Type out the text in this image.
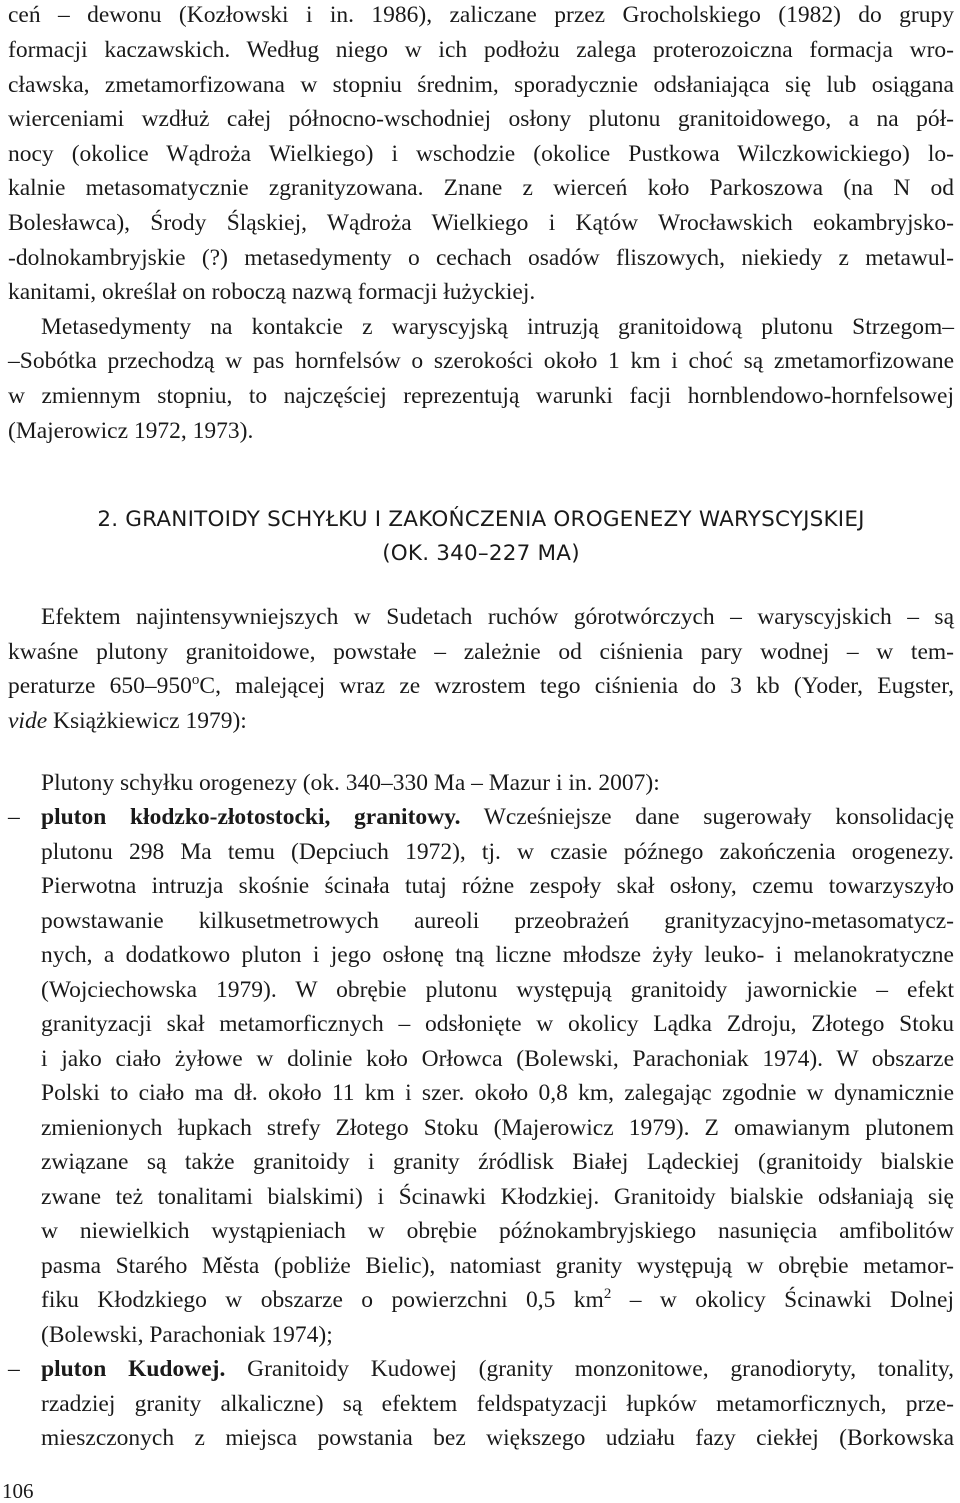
ceń – dewonu (Kozłowski i in. 1986), zaliczane przez Grocholskiego (1982) do grupy
formacji kaczawskich. Według niego w ich podłożu zalega proterozoiczna formacja wro-
cławska, zmetamorfizowana w stopniu średnim, sporadycznie odsłaniająca się lub osiągana
wierceniami wzdłuż całej północno-wschodniej osłony plutonu granitoidowego, a na pół-
nocy (okolice Wądroża Wielkiego) i wschodzie (okolice Pustkowa Wilczkowickiego) lo-
kalnie metasomatycznie zgranityzowana. Znane z wierceń koło Parkoszowa (na N od
Bolesławca), Środy Śląskiej, Wądroża Wielkiego i Kątów Wrocławskich eokambryjsko-
-dolnokambryjskie (?) metasedymenty o cechach osadów fliszowych, niekiedy z metawul-
kanitami, określał on roboczą nazwą formacji łużyckiej.
Metasedymenty na kontakcie z waryscyjską intruzją granitoidową plutonu Strzegom–
–Sobótka przechodzą w pas hornfelsów o szerokości około 1 km i choć są zmetamorfizowane
w zmiennym stopniu, to najczęściej reprezentują warunki facji hornblendowo-hornfelsowej
(Majerowicz 1972, 1973).
2. GRANITOIDY SCHYŁKU I ZAKOŃCZENIA OROGENEZY WARYSCYJSKIEJ
(OK. 340–227 MA)
Efektem najintensywniejszych w Sudetach ruchów górotwórczych – waryscyjskich – są
kwaśne plutony granitoidowe, powstałe – zależnie od ciśnienia pary wodnej – w tem-
peraturze 650–950$^o$C, malejącej wraz ze wzrostem tego ciśnienia do 3 kb (Yoder, Eugster,
vide Książkiewicz 1979):
Plutony schyłku orogenezy (ok. 340–330 Ma – Mazur i in. 2007):
– pluton kłodzko-złotostocki, granitowy. Wcześniejsze dane sugerowały konsolidację
plutonu 298 Ma temu (Depciuch 1972), tj. w czasie późnego zakończenia orogenezy.
Pierwotna intruzja skośnie ścinała tutaj różne zespoły skał osłony, czemu towarzyszyło
powstawanie kilkusetmetrowych aureoli przeobrażeń granityzacyjno-metasomatycz-
nych, a dodatkowo pluton i jego osłonę tną liczne młodsze żyły leuko- i melanokratyczne
(Wojciechowska 1979). W obrębie plutonu występują granitoidy jawornickie – efekt
granityzacji skał metamorficznych – odsłonięte w okolicy Lądka Zdroju, Złotego Stoku
i jako ciało żyłowe w dolinie koło Orłowca (Bolewski, Parachoniak 1974). W obszarze
Polski to ciało ma dł. około 11 km i szer. około 0,8 km, zalegając zgodnie w dynamicznie
zmienionych łupkach strefy Złotego Stoku (Majerowicz 1979). Z omawianym plutonem
związane są także granitoidy i granity źródlisk Białej Lądeckiej (granitoidy bialskie
zwane też tonalitami bialskimi) i Ścinawki Kłodzkiej. Granitoidy bialskie odsłaniają się
w niewielkich wystąpieniach w obrębie późnokambryjskiego nasunięcia amfibolitów
pasma Starého Města (pobliże Bielic), natomiast granity występują w obrębie metamor-
fiku Kłodzkiego w obszarze o powierzchni 0,5 $km^2$ – w okolicy Ścinawki Dolnej
(Bolewski, Parachoniak 1974);
– pluton Kudowej. Granitoidy Kudowej (granity monzonitowe, granodioryty, tonality,
rzadziej granity alkaliczne) są efektem feldspatyzacji łupków metamorficznych, prze-
mieszczonych z miejsca powstania bez większego udziału fazy ciekłej (Borkowska
106
